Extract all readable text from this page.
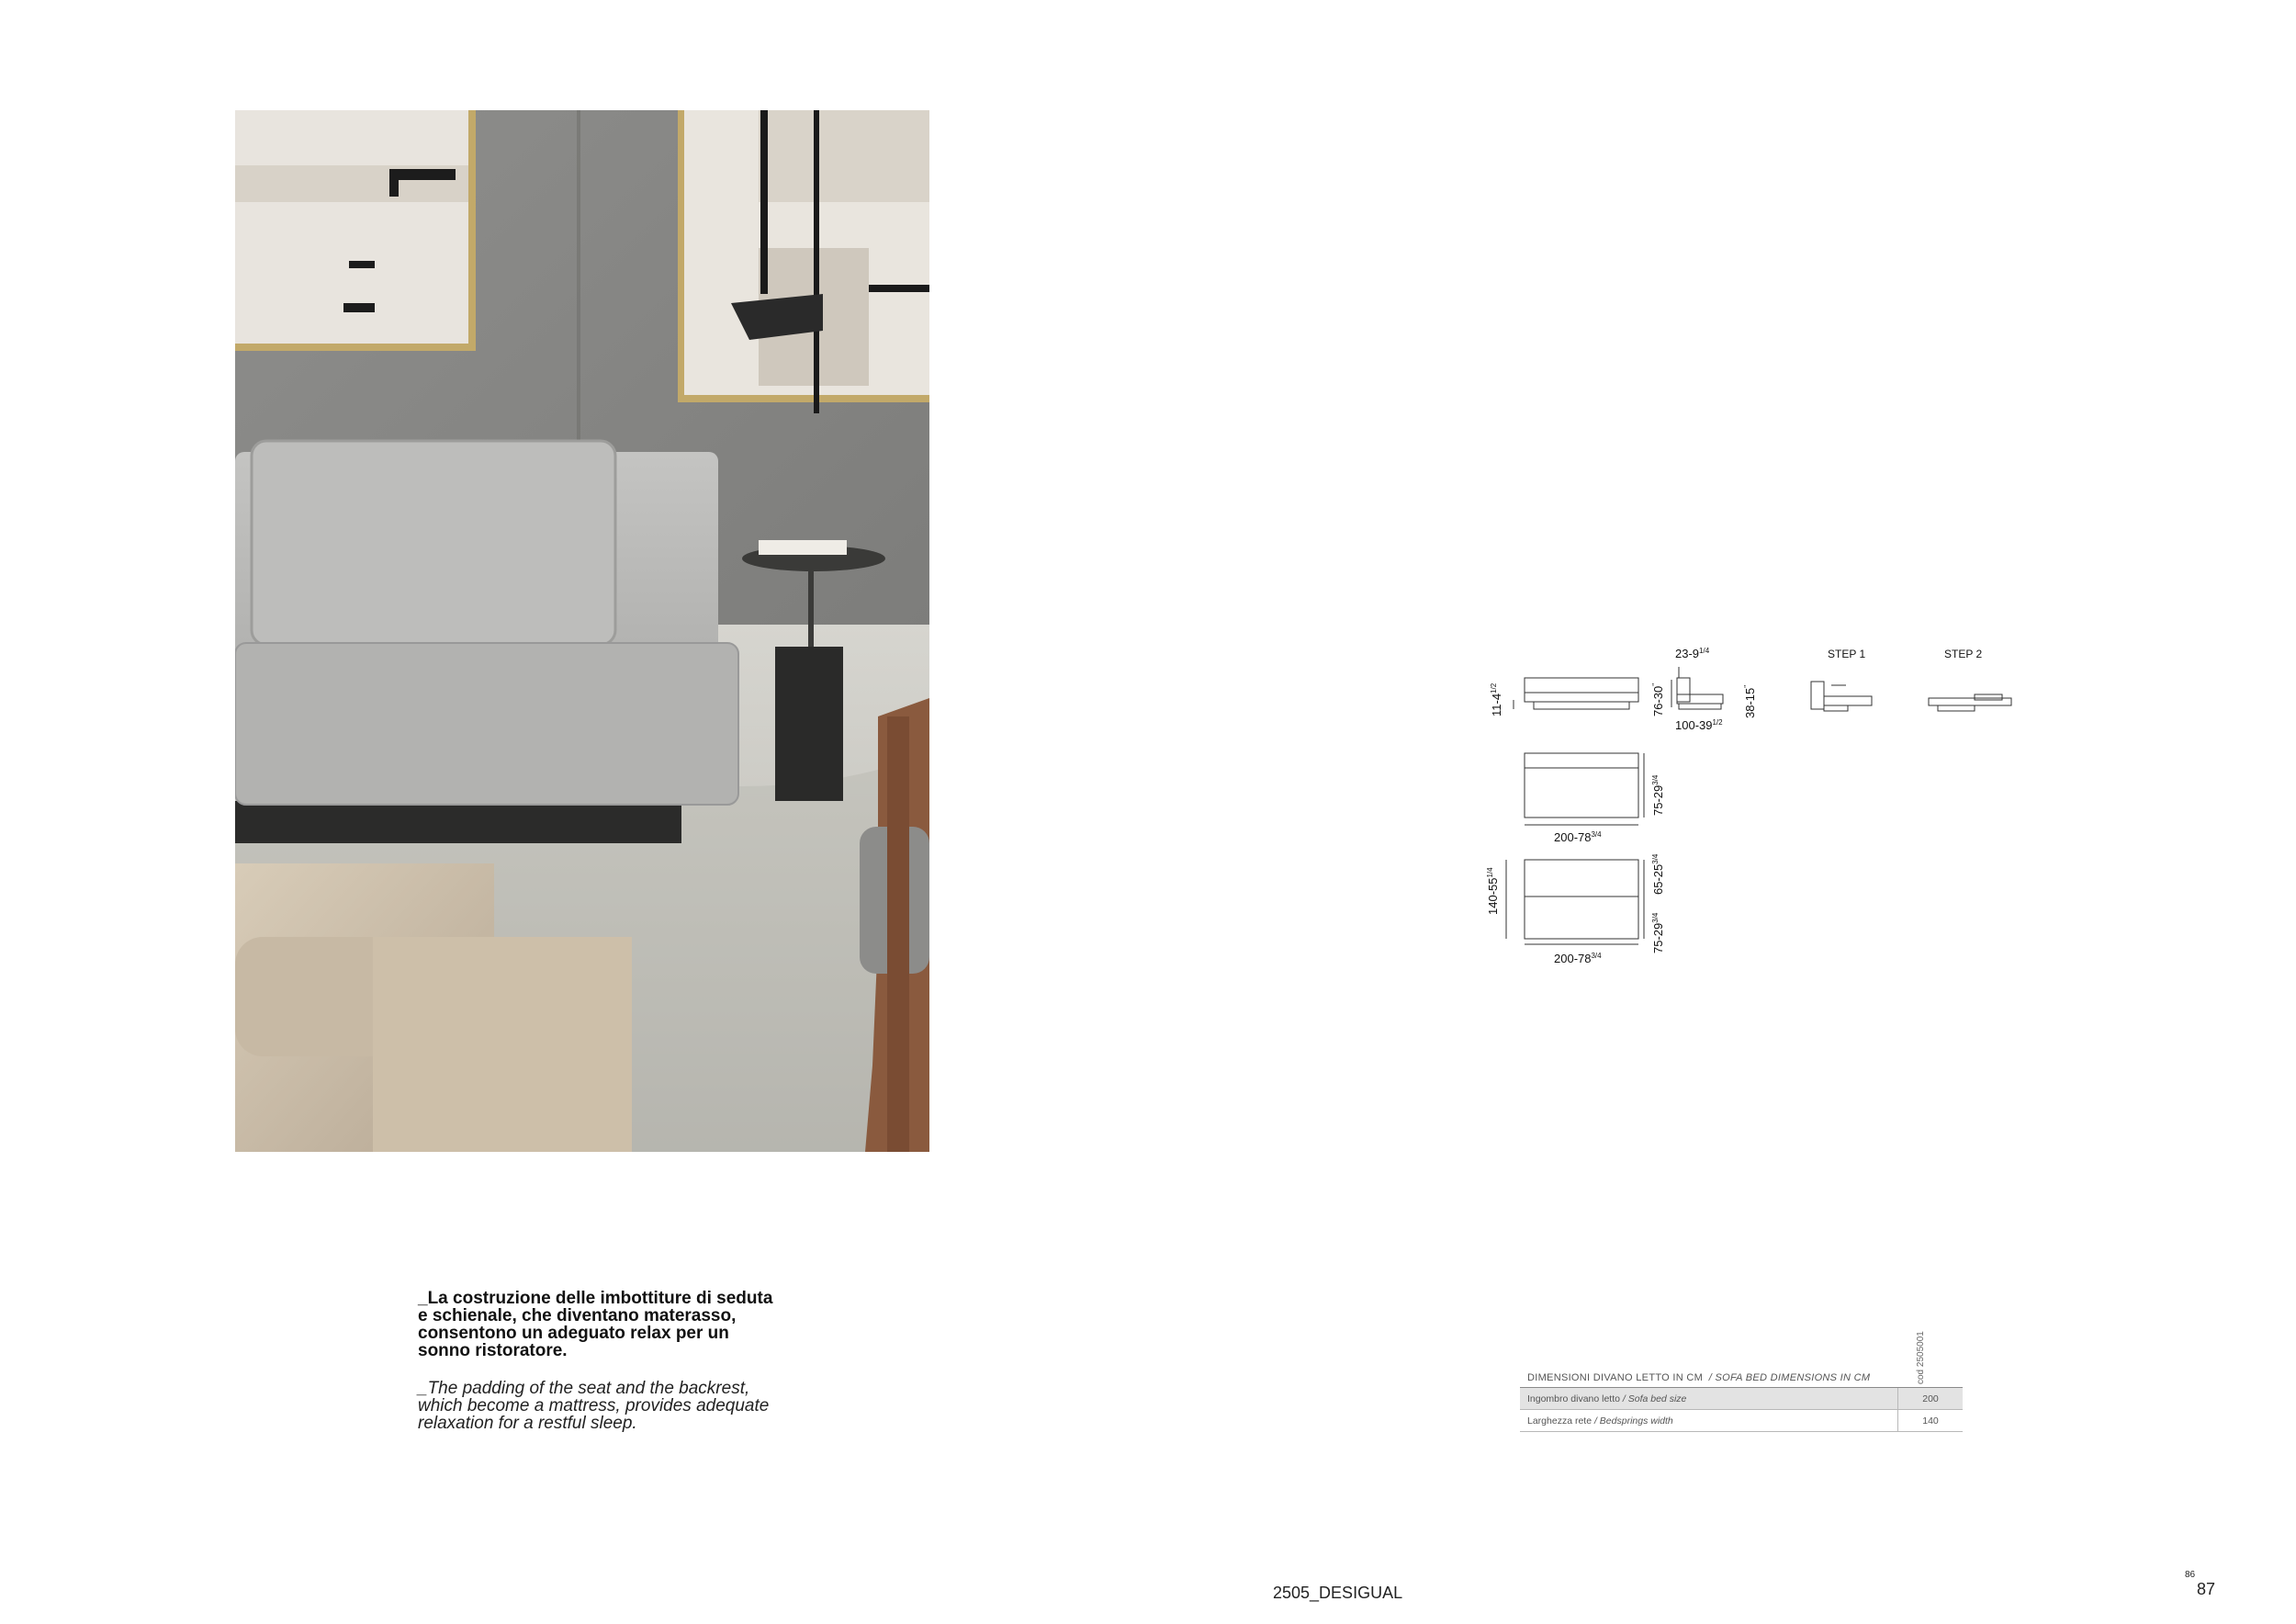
_La costruzione delle imbottiture di seduta e schienale, che diventano materasso, consentono un adeguato relax per un sonno ristoratore.
_The padding of the seat and the backrest, which become a mattress, provides adequate relaxation for a restful sleep.
$11-4^{1/2}$	76-30"
$23-9^{1/4}$
$100-39^{1/2}$
38-15"
STEP 1	STEP 2
$75-29^{3/4}$
$200-78^{3/4}$
$140-55^{1/4}$	$65-25^{3/4}$
$75-29^{3/4}$
$200-78^{3/4}$
DIMENSIONI DIVANO LETTO IN CM / SOFA BED DIMENSIONS IN CM	cod 2505001
Ingombro divano letto / Sofa bed size	200
Larghezza rete / Bedsprings width	140
2505_DESIGUAL
86
87
